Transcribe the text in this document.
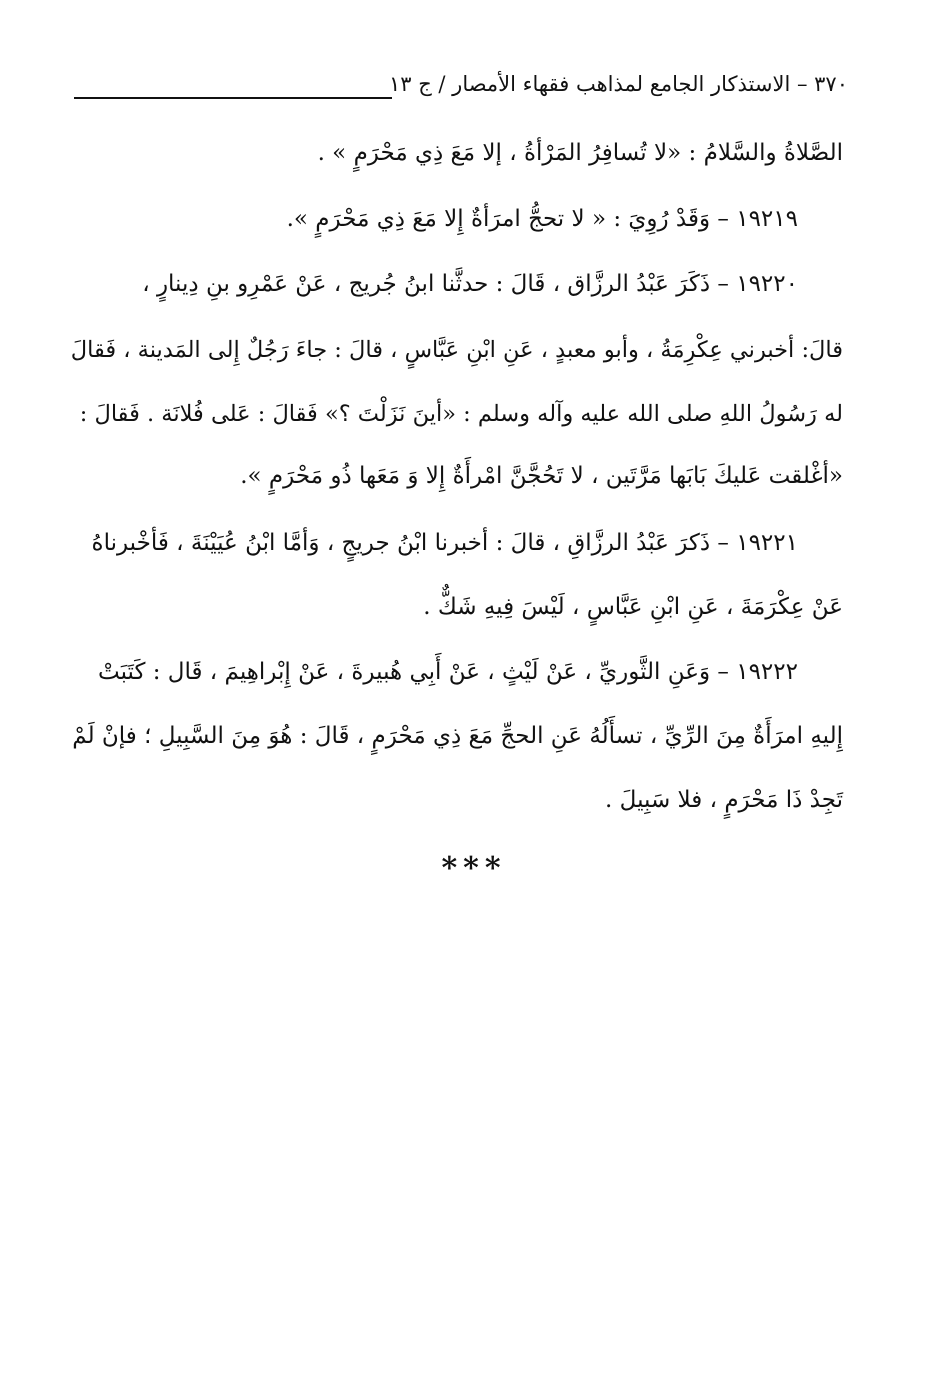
٣٧٠ – الاستذكار الجامع لمذاهب فقهاء الأمصار / ج ١٣
الصَّلاةُ والسَّلامُ : «لا تُسافِرُ المَرْأةُ ، إلا مَعَ ذِي مَحْرَمٍ » .
١٩٢١٩ – وَقَدْ رُوِيَ : « لا تحجُّ امرَأةٌ إِلا مَعَ ذِي مَحْرَمٍ ».
١٩٢٢٠ – ذَكَرَ عَبْدُ الرزَّاق ، قَالَ : حدثَّنا ابنُ جُريج ، عَنْ عَمْرِو بنِ دِينارٍ ،
قالَ: أخبرني عِكْرِمَةُ ، وأبو معبدٍ ، عَنِ ابْنِ عَبَّاسٍ ، قالَ : جاءَ رَجُلٌ إِلى المَدينة ، فَقالَ
له رَسُولُ اللهِ صلى الله عليه وآله وسلم : «أينَ نَزَلْتَ ؟» فَقالَ : عَلى فُلانَة . فَقالَ :
«أغْلقت عَليكَ بَابَها مَرَّتَين ، لا تَحُجَّنَّ امْرأَةٌ إِلا وَ مَعَها ذُو مَحْرَمٍ ».
١٩٢٢١ – ذَكرَ عَبْدُ الرزَّاقِ ، قالَ : أخبرنا ابْنُ جريجٍ ، وَأمَّا ابْنُ عُيَيْنَةَ ، فَأخْبرناهُ
عَنْ عِكْرَمَةَ ، عَنِ ابْنِ عَبَّاسٍ ، لَيْسَ فِيهِ شَكٌّ .
١٩٢٢٢ – وَعَنِ الثَّوريِّ ، عَنْ لَيْثٍ ، عَنْ أَبِي هُبيرةَ ، عَنْ إِبْراهِيمَ ، قَال : كَتَبَتْ
إِليهِ امرَأَةٌ مِنَ الرِّيِّ ، تسأَلُهُ عَنِ الحجِّ مَعَ ذِي مَحْرَمٍ ، قَالَ : هُوَ مِنَ السَّبِيلِ ؛ فإنْ لَمْ
تَجِدْ ذَا مَحْرَمٍ ، فلا سَبِيلَ .
***
